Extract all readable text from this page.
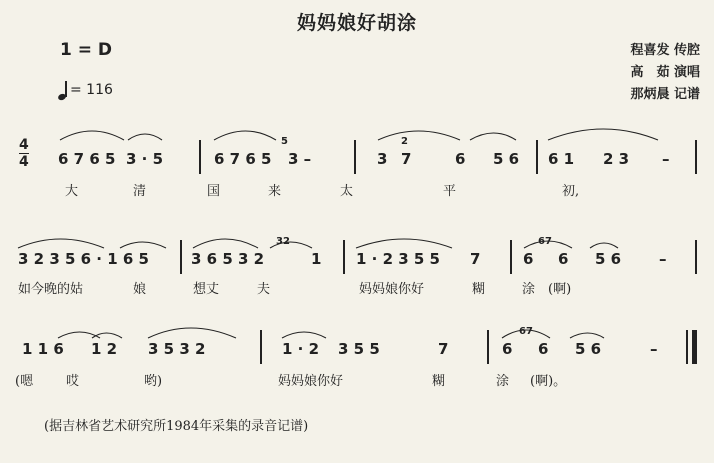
妈妈娘好胡涂
1 = D
= 116
程喜发 传腔
高　茹 演唱
那炳晨 记谱
4
4 6 7 6 5 3 · 5	6 7 6 5
5
3 –	3
2
7	6 5 6 6 1 2 3 –
大	清	国	来	太	平	初,
3 2 3 5 6 · 1 6 5	3 6 5 3 2
32
1 1 · 2 3 5 5 7	6
67
6 5 6	–
如今晚的姑	娘	想丈	夫	妈妈娘你好	糊	涂 (啊)
1 1 6 1 2 3 5 3 2	1 · 2 3 5 5	7	6
67
6 5 6	–
(嗯	哎	哟)	妈妈娘你好	糊	涂 (啊)。
(据吉林省艺术研究所1984年采集的录音记谱)
